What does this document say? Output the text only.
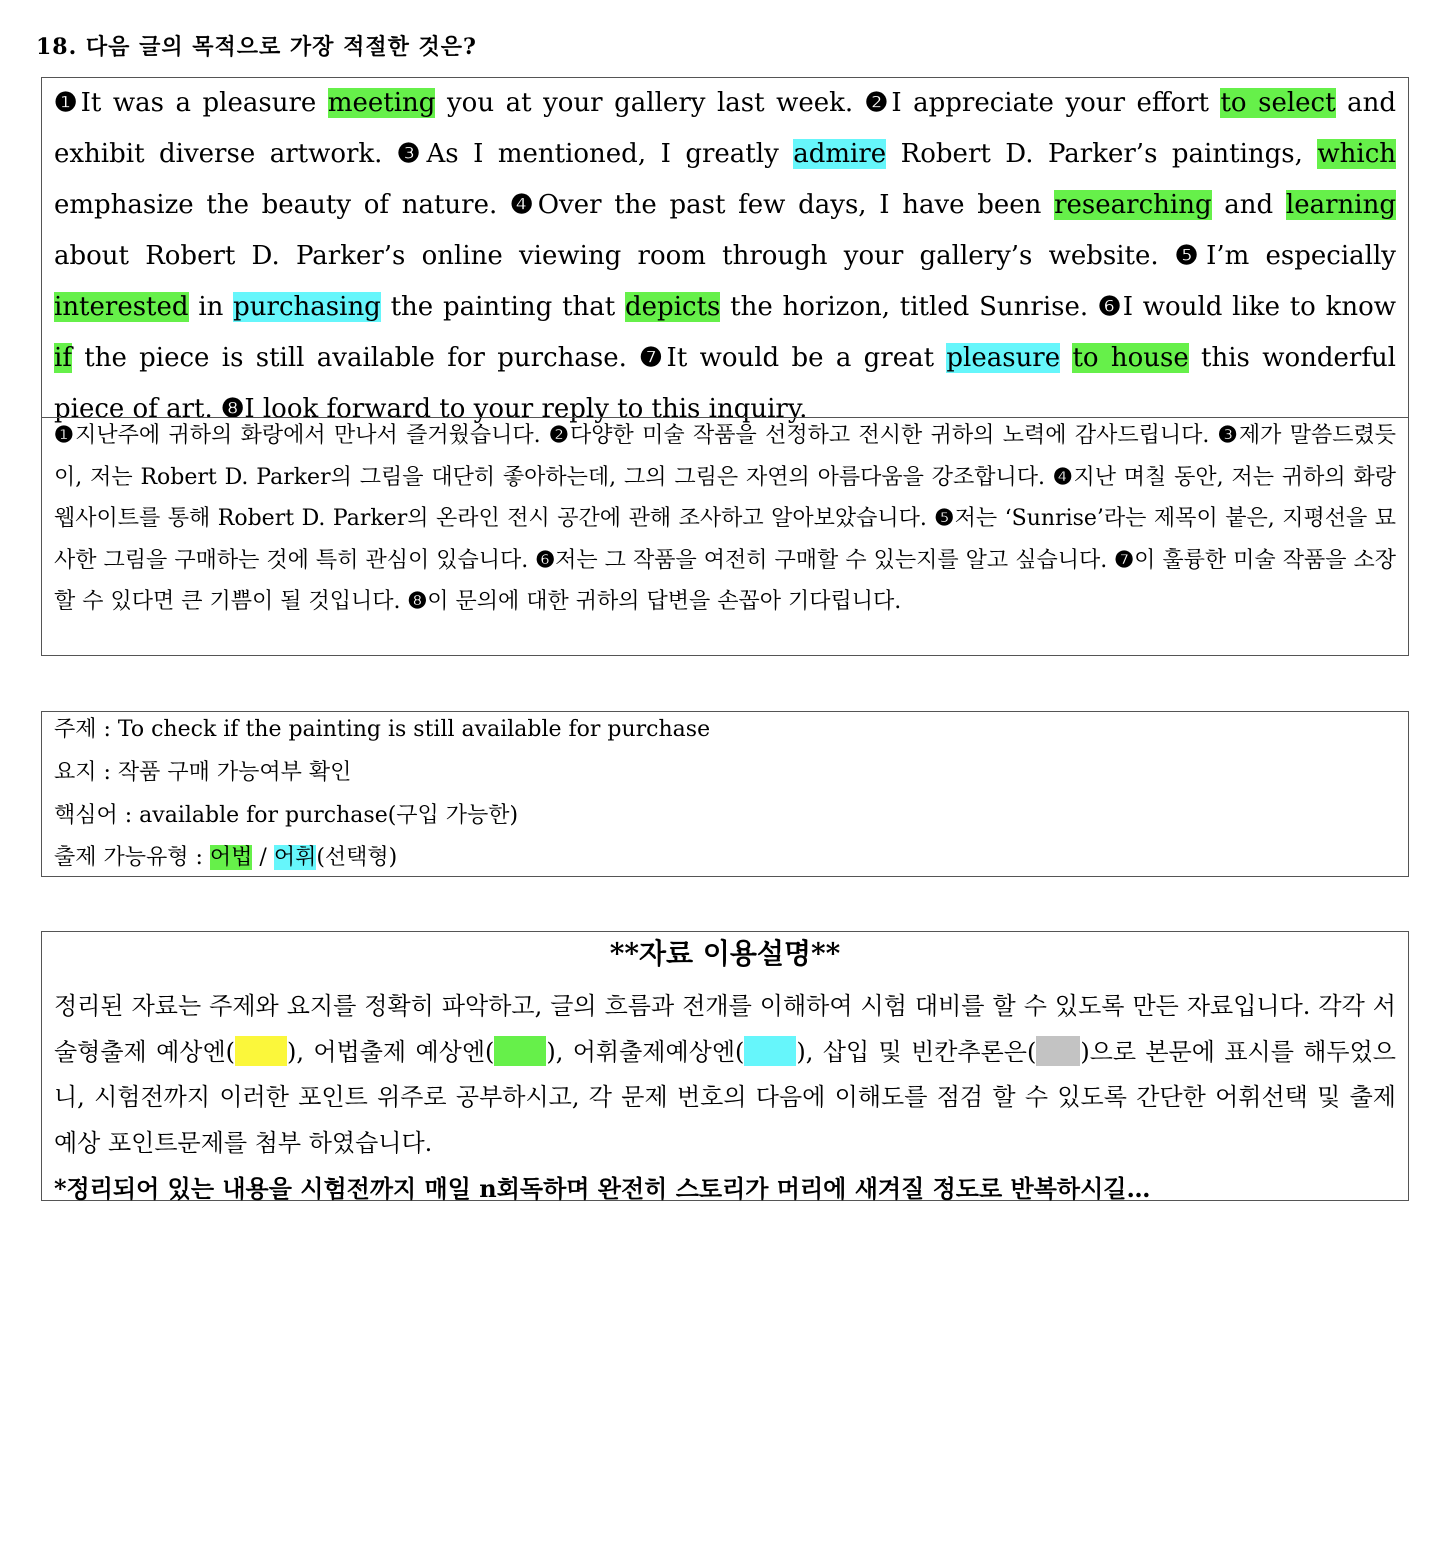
18. 다음 글의 목적으로 가장 적절한 것은?

❶It was a pleasure meeting you at your gallery last week. ❷I appreciate your effort to select and exhibit diverse artwork. ❸As I mentioned, I greatly admire Robert D. Parker’s paintings, which emphasize the beauty of nature. ❹Over the past few days, I have been researching and learning about Robert D. Parker’s online viewing room through your gallery’s website. ❺I’m especially interested in purchasing the painting that depicts the horizon, titled Sunrise. ❻I would like to know if the piece is still available for purchase. ❼It would be a great pleasure to house this wonderful piece of art. ❽I look forward to your reply to this inquiry.

❶지난주에 귀하의 화랑에서 만나서 즐거웠습니다. ❷다양한 미술 작품을 선정하고 전시한 귀하의 노력에 감사드립니다. ❸제가 말씀드렸듯이, 저는 Robert D. Parker의 그림을 대단히 좋아하는데, 그의 그림은 자연의 아름다움을 강조합니다. ❹지난 며칠 동안, 저는 귀하의 화랑 웹사이트를 통해 Robert D. Parker의 온라인 전시 공간에 관해 조사하고 알아보았습니다. ❺저는 ‘Sunrise’라는 제목이 붙은, 지평선을 묘사한 그림을 구매하는 것에 특히 관심이 있습니다. ❻저는 그 작품을 여전히 구매할 수 있는지를 알고 싶습니다. ❼이 훌륭한 미술 작품을 소장할 수 있다면 큰 기쁨이 될 것입니다. ❽이 문의에 대한 귀하의 답변을 손꼽아 기다립니다.

주제 : To check if the painting is still available for purchase
요지 : 작품 구매 가능여부 확인
핵심어 : available for purchase(구입 가능한)
출제 가능유형 : 어법 / 어휘(선택형)
**자료 이용설명**

정리된 자료는 주제와 요지를 정확히 파악하고, 글의 흐름과 전개를 이해하여 시험 대비를 할 수 있도록 만든 자료입니다. 각각 서술형출제 예상엔( ), 어법출제 예상엔( ), 어휘출제예상엔( ), 삽입 및 빈칸추론은( )으로 본문에 표시를 해두었으니, 시험전까지 이러한 포인트 위주로 공부하시고, 각 문제 번호의 다음에 이해도를 점검 할 수 있도록 간단한 어휘선택 및 출제 예상 포인트문제를 첨부 하였습니다.
*정리되어 있는 내용을 시험전까지 매일 n회독하며 완전히 스토리가 머리에 새겨질 정도로 반복하시길…
